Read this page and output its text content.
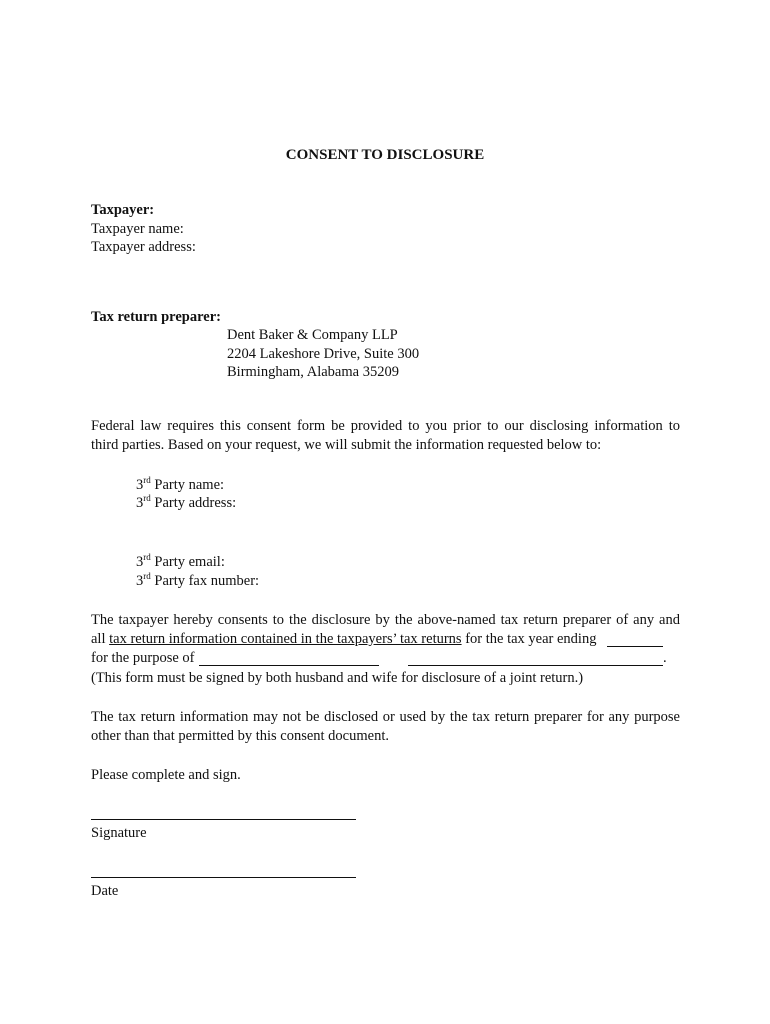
CONSENT TO DISCLOSURE
Taxpayer:
Taxpayer name:
Taxpayer address:
Tax return preparer:
Dent Baker & Company LLP
2204 Lakeshore Drive, Suite 300
Birmingham, Alabama 35209
Federal law requires this consent form be provided to you prior to our disclosing information to
third parties. Based on your request, we will submit the information requested below to:
3rd Party name:
3rd Party address:
3rd Party email:
3rd Party fax number:
The taxpayer hereby consents to the disclosure by the above-named tax return preparer of any and
all tax return information contained in the taxpayers’ tax returns for the tax year ending
for the purpose of	.
(This form must be signed by both husband and wife for disclosure of a joint return.)
The tax return information may not be disclosed or used by the tax return preparer for any purpose
other than that permitted by this consent document.
Please complete and sign.
Signature
Date
